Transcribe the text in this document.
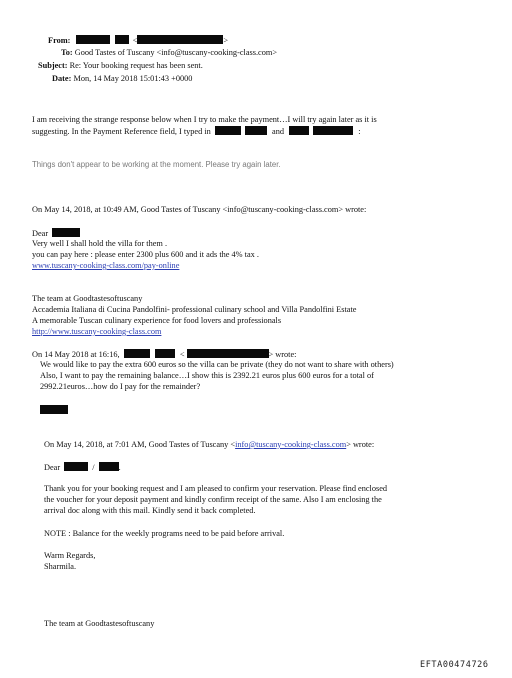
From:	<	>
To: Good Tastes of Tuscany <info@tuscany-cooking-class.com>
Subject: Re: Your booking request has been sent.
Date: Mon, 14 May 2018 15:01:43 +0000
I am receiving the strange response below when I try to make the payment…I will try again later as it is
suggesting. In the Payment Reference field, I typed in	and	:
Things don't appear to be working at the moment. Please try again later.
On May 14, 2018, at 10:49 AM, Good Tastes of Tuscany <info@tuscany-cooking-class.com> wrote:
Dear
Very well I shall hold the villa for them .
you can pay here : please enter 2300 plus 600 and it ads the 4% tax .
www.tuscany-cooking-class.com/pay-online
The team at Goodtastesoftuscany
Accademia Italiana di Cucina Pandolfini- professional culinary school and Villa Pandolfini Estate
A memorable Tuscan culinary experience for food lovers and professionals
http://www.tuscany-cooking-class.com
On 14 May 2018 at 16:16,	<	> wrote:
We would like to pay the extra 600 euros so the villa can be private (they do not want to share with others)
Also, I want to pay the remaining balance…I show this is 2392.21 euros plus 600 euros for a total of
2992.21euros…how do I pay for the remainder?
On May 14, 2018, at 7:01 AM, Good Tastes of Tuscany <info@tuscany-cooking-class.com> wrote:
Dear	/	.
Thank you for your booking request and I am pleased to confirm your reservation. Please find enclosed
the voucher for your deposit payment and kindly confirm receipt of the same. Also I am enclosing the
arrival doc along with this mail. Kindly send it back completed.
NOTE : Balance for the weekly programs need to be paid before arrival.
Warm Regards,
Sharmila.
The team at Goodtastesoftuscany
EFTA00474726
